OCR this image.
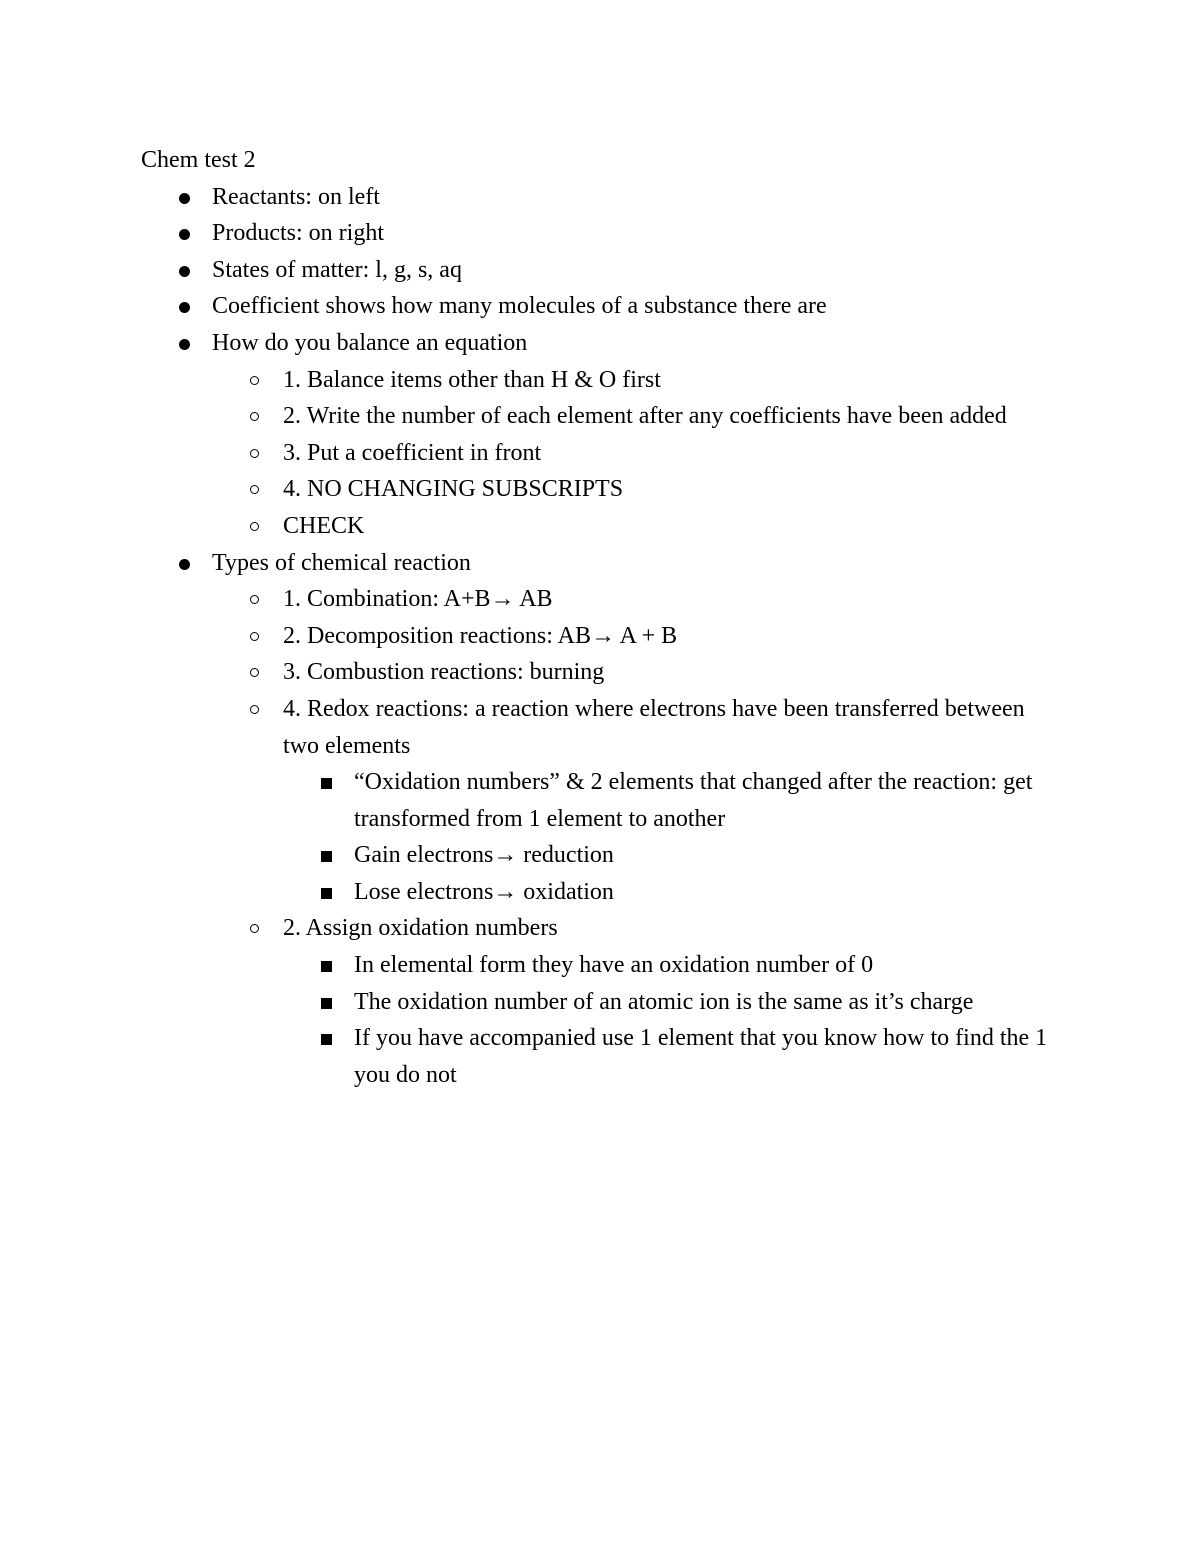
Chem test 2
Reactants: on left
Products: on right
States of matter: l, g, s, aq
Coefficient shows how many molecules of a substance there are
How do you balance an equation
1. Balance items other than H & O first
2. Write the number of each element after any coefficients have been added
3. Put a coefficient in front
4. NO CHANGING SUBSCRIPTS
CHECK
Types of chemical reaction
1. Combination: A+B→ AB
2. Decomposition reactions: AB→ A + B
3. Combustion reactions: burning
4. Redox reactions: a reaction where electrons have been transferred between two elements
“Oxidation numbers” & 2 elements that changed after the reaction: get transformed from 1 element to another
Gain electrons→ reduction
Lose electrons→ oxidation
2. Assign oxidation numbers
In elemental form they have an oxidation number of 0
The oxidation number of an atomic ion is the same as it’s charge
If you have accompanied use 1 element that you know how to find the 1 you do not
